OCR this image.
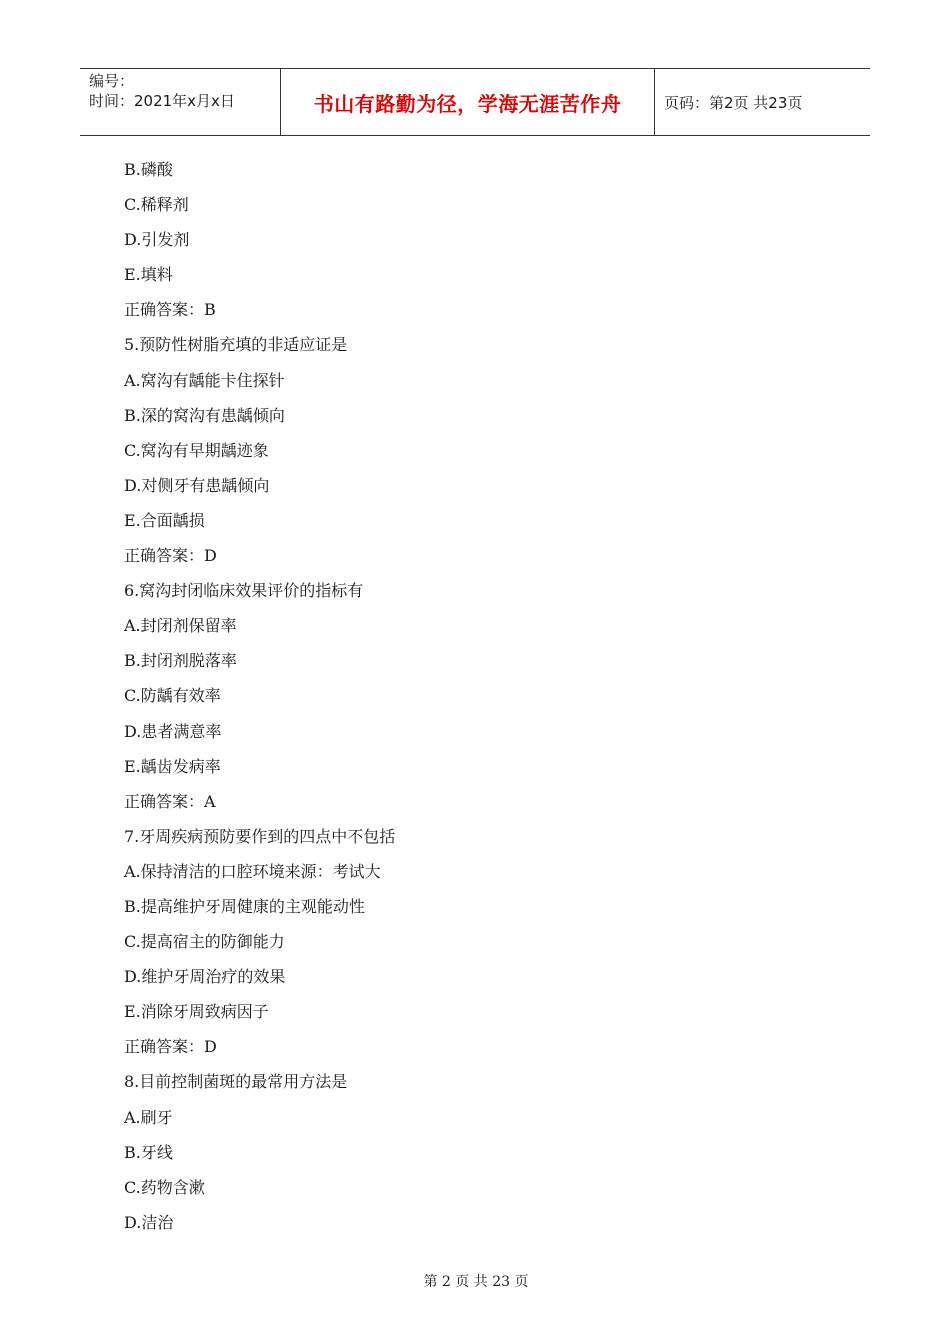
编号：
时间：2021年x月x日	书山有路勤为径，学海无涯苦作舟	页码：第2页 共23页
B.磷酸
C.稀释剂
D.引发剂
E.填料
正确答案：B
5.预防性树脂充填的非适应证是
A.窝沟有龋能卡住探针
B.深的窝沟有患龋倾向
C.窝沟有早期龋迹象
D.对侧牙有患龋倾向
E.合面龋损
正确答案：D
6.窝沟封闭临床效果评价的指标有
A.封闭剂保留率
B.封闭剂脱落率
C.防龋有效率
D.患者满意率
E.龋齿发病率
正确答案：A
7.牙周疾病预防要作到的四点中不包括
A.保持清洁的口腔环境来源：考试大
B.提高维护牙周健康的主观能动性
C.提高宿主的防御能力
D.维护牙周治疗的效果
E.消除牙周致病因子
正确答案：D
8.目前控制菌斑的最常用方法是
A.刷牙
B.牙线
C.药物含漱
D.洁治
第 2 页 共 23 页
